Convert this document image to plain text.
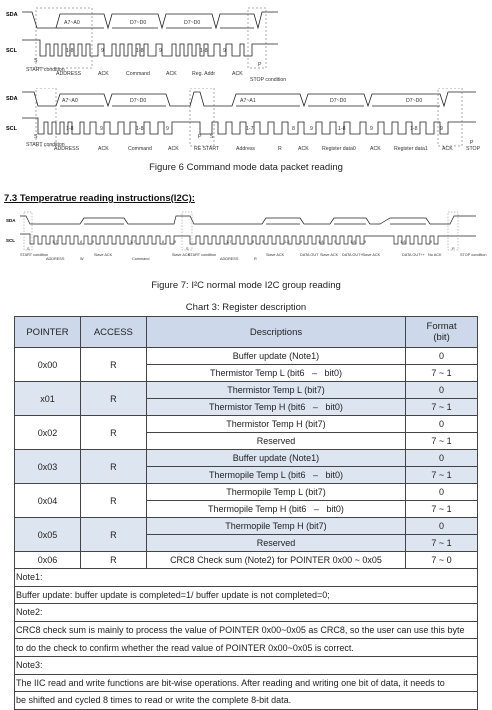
SDA
SCL
A7~A0	D7~D0	D7~D0
1-8	9	1-8	9	1-8	9
S
P
START condition
ADDRESS	ACK	Command	ACK	Reg. Addr	ACK
STOP condition
SDA
SCL
A7~A0	D7~D0	A7~A1	D7~D0	D7~D0
1-8	9	1-8	9	1-7	8	9	1-8	9	1-8	9
S	P S
P
START condition
ADDRESS	ACK	Command	ACK	RE START	Address	R	ACK	Register data0	ACK	Register data1	ACK	STOP
Figure 6 Command mode data packet reading
7.3 Temperatrue reading instructions(I2C):
SDA
SCL	1-7	8	9	1-7	8	9	1-7	8 9	1-8	9	1-8	9	1-8 9	1-8	9
S	S	P
START condition
ADDRESS	W
Slave ACK
Command
Slave ACK
START condition
ADDRESS	R
Slave ACK	DATA OUT Slave ACK DATA OUT+ Slave ACK	DATA OUT++ No ACK	STOP condition
Figure 7: I²C normal mode I2C group reading
Chart 3: Register description
POINTER	ACCESS	Descriptions	Format
(bit)
0x00	R	Buffer update (Note1)	0
		Thermistor Temp L (bit6   –   bit0)	7 ~ 1
x01	R	Thermistor Temp L (bit7)	0
		Thermistor Temp H (bit6   –   bit0)	7 ~ 1
0x02	R	Thermistor Temp H (bit7)	0
		Reserved	7 ~ 1
0x03	R	Buffer update (Note1)	0
		Thermopile Temp L (bit6   –   bit0)	7 ~ 1
0x04	R	Thermopile Temp L (bit7)	0
		Thermopile Temp H (bit6   –   bit0)	7 ~ 1
0x05	R	Thermopile Temp H (bit7)	0
		Reserved	7 ~ 1
0x06	R	CRC8 Check sum (Note2) for POINTER 0x00 ~ 0x05	7 ~ 0
Note1:			
Buffer update: buffer update is completed=1/ buffer update is not completed=0;			
Note2:			
CRC8 check sum is mainly to process the value of POINTER 0x00~0x05 as CRC8, so the user can use this byte			
to do the check to confirm whether the read value of POINTER 0x00~0x05 is correct.			
Note3:			
The IIC read and write functions are bit-wise operations. After reading and writing one bit of data, it needs to			
be shifted and cycled 8 times to read or write the complete 8-bit data.			
